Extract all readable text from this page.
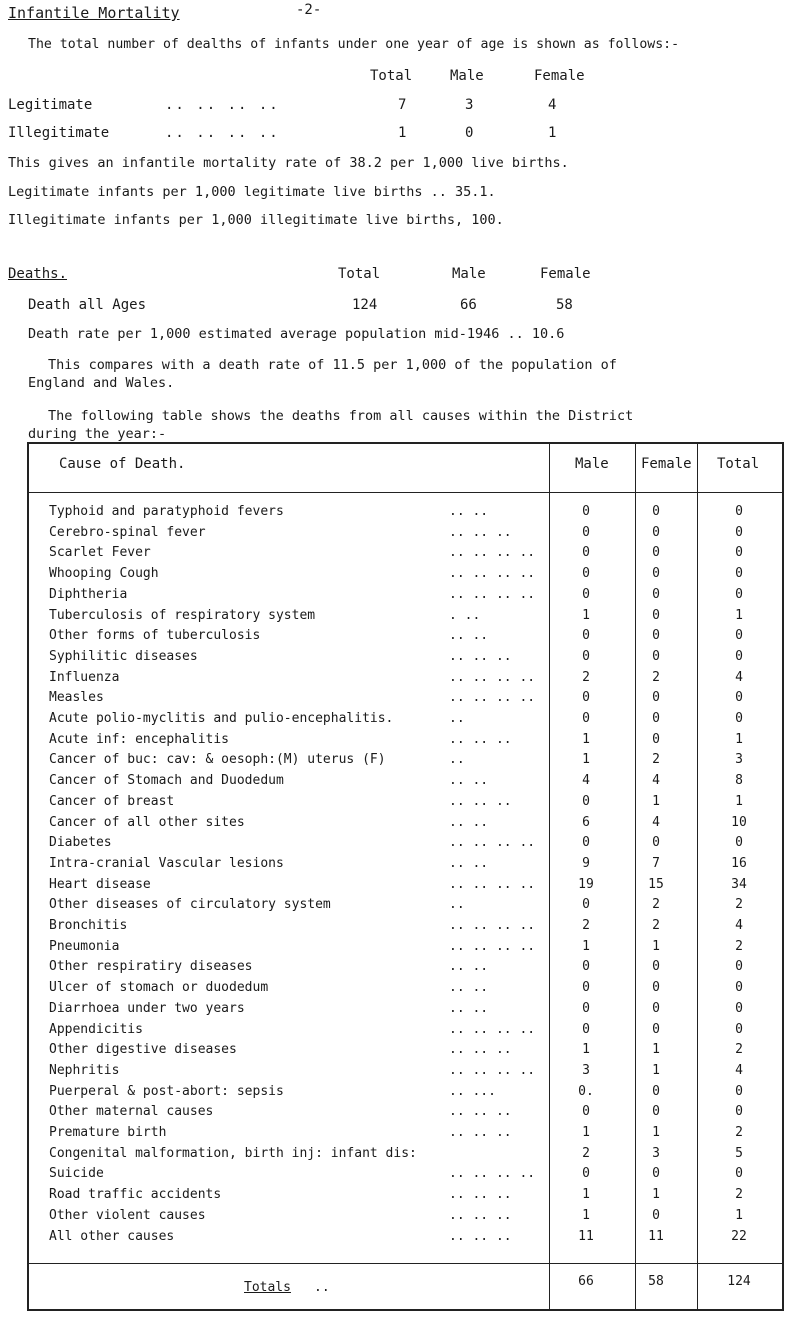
Infantile Mortality	-2-
The total number of dealths of infants under one year of age is shown as follows:-
Total	Male	Female
Legitimate	.. .. .. ..	7	3	4
Illegitimate	.. .. .. ..	1	0	1
This gives an infantile mortality rate of 38.2 per 1,000 live births.
Legitimate infants per 1,000 legitimate live births .. 35.1.
Illegitimate infants per 1,000 illegitimate live births, 100.
Deaths.	Total	Male	Female
Death all Ages	124	66	58
Death rate per 1,000 estimated average population mid-1946 .. 10.6
This compares with a death rate of 11.5 per 1,000 of the population of
England and Wales.
The following table shows the deaths from all causes within the District
during the year:-
Cause of Death.	Male Female Total
Typhoid and paratyphoid fevers	.. ..	0	0	0
Cerebro-spinal fever	.. .. ..	0	0	0
Scarlet Fever	.. .. .. ..	0	0	0
Whooping Cough	.. .. .. ..	0	0	0
Diphtheria	.. .. .. ..	0	0	0
Tuberculosis of respiratory system	. ..	1	0	1
Other forms of tuberculosis	.. ..	0	0	0
Syphilitic diseases	.. .. ..	0	0	0
Influenza	.. .. .. ..	2	2	4
Measles	.. .. .. ..	0	0	0
Acute polio-myclitis and pulio-encephalitis.	..	0	0	0
Acute inf: encephalitis	.. .. ..	1	0	1
Cancer of buc: cav: & oesoph:(M) uterus (F)	..	1	2	3
Cancer of Stomach and Duodedum	.. ..	4	4	8
Cancer of breast	.. .. ..	0	1	1
Cancer of all other sites	.. ..	6	4	10
Diabetes	.. .. .. ..	0	0	0
Intra-cranial Vascular lesions	.. ..	9	7	16
Heart disease	.. .. .. ..	19	15	34
Other diseases of circulatory system	..	0	2	2
Bronchitis	.. .. .. ..	2	2	4
Pneumonia	.. .. .. ..	1	1	2
Other respiratiry diseases	.. ..	0	0	0
Ulcer of stomach or duodedum	.. ..	0	0	0
Diarrhoea under two years	.. ..	0	0	0
Appendicitis	.. .. .. ..	0	0	0
Other digestive diseases	.. .. ..	1	1	2
Nephritis	.. .. .. ..	3	1	4
Puerperal & post-abort: sepsis	.. ...	0.	0	0
Other maternal causes	.. .. ..	0	0	0
Premature birth	.. .. ..	1	1	2
Congenital malformation, birth inj: infant dis:	2	3	5
Suicide	.. .. .. ..	0	0	0
Road traffic accidents	.. .. ..	1	1	2
Other violent causes	.. .. ..	1	0	1
All other causes	.. .. ..	11	11	22
Totals ..	66	58	124
